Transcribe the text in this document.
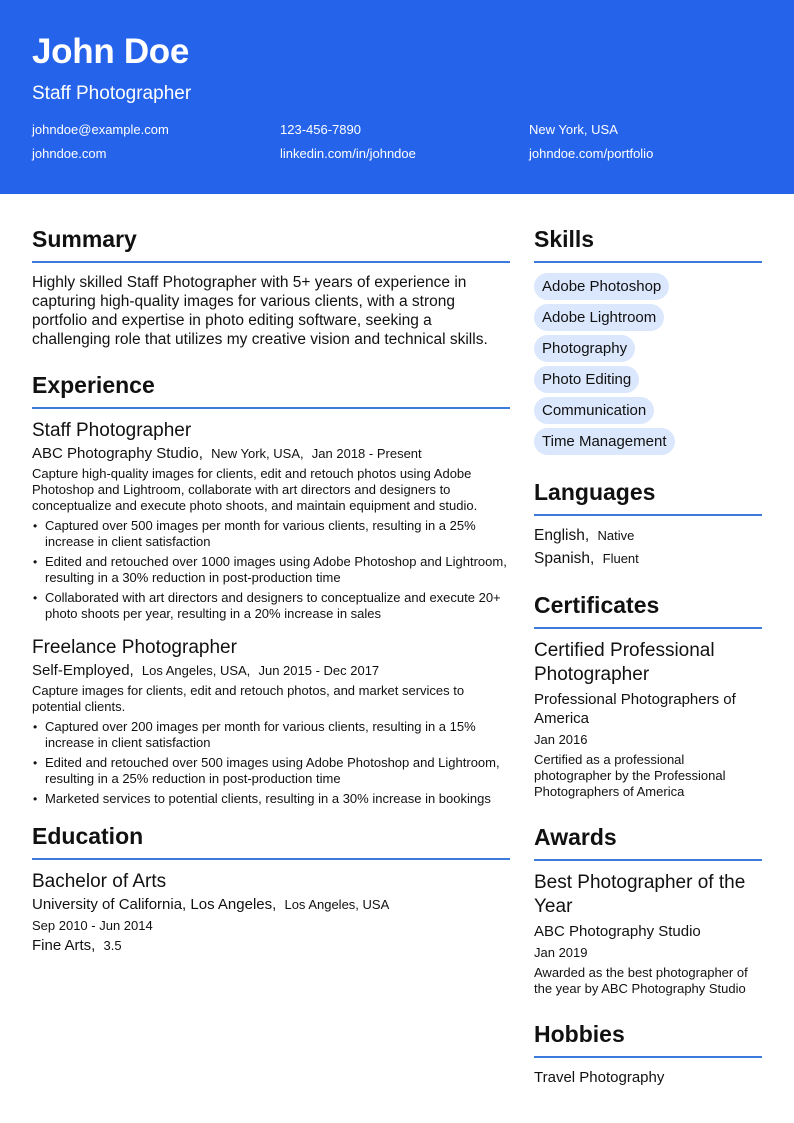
John Doe
Staff Photographer
johndoe@example.com	123-456-7890	New York, USA
johndoe.com	linkedin.com/in/johndoe	johndoe.com/portfolio
Summary
Highly skilled Staff Photographer with 5+ years of experience in capturing high-quality images for various clients, with a strong portfolio and expertise in photo editing software, seeking a challenging role that utilizes my creative vision and technical skills.
Experience
Staff Photographer
ABC Photography Studio, New York, USA, Jan 2018 - Present
Capture high-quality images for clients, edit and retouch photos using Adobe Photoshop and Lightroom, collaborate with art directors and designers to conceptualize and execute photo shoots, and maintain equipment and studio.
• Captured over 500 images per month for various clients, resulting in a 25% increase in client satisfaction
• Edited and retouched over 1000 images using Adobe Photoshop and Lightroom, resulting in a 30% reduction in post-production time
• Collaborated with art directors and designers to conceptualize and execute 20+ photo shoots per year, resulting in a 20% increase in sales
Freelance Photographer
Self-Employed, Los Angeles, USA, Jun 2015 - Dec 2017
Capture images for clients, edit and retouch photos, and market services to potential clients.
• Captured over 200 images per month for various clients, resulting in a 15% increase in client satisfaction
• Edited and retouched over 500 images using Adobe Photoshop and Lightroom, resulting in a 25% reduction in post-production time
• Marketed services to potential clients, resulting in a 30% increase in bookings
Education
Bachelor of Arts
University of California, Los Angeles, Los Angeles, USA
Sep 2010 - Jun 2014
Fine Arts, 3.5
Skills
Adobe Photoshop
Adobe Lightroom
Photography
Photo Editing
Communication
Time Management
Languages
English, Native
Spanish, Fluent
Certificates
Certified Professional Photographer
Professional Photographers of America
Jan 2016
Certified as a professional photographer by the Professional Photographers of America
Awards
Best Photographer of the Year
ABC Photography Studio
Jan 2019
Awarded as the best photographer of the year by ABC Photography Studio
Hobbies
Travel Photography
